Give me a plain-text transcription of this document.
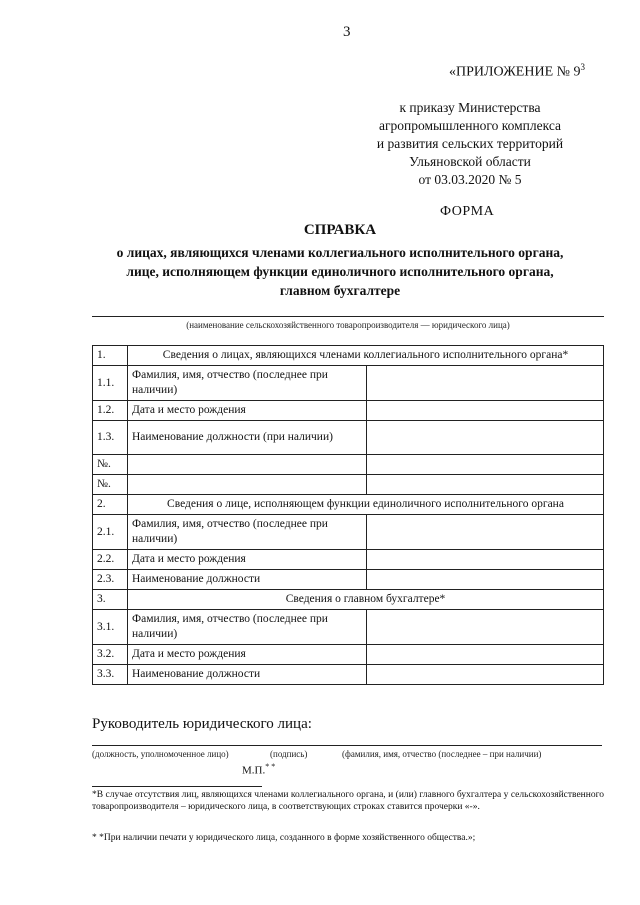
3
«ПРИЛОЖЕНИЕ № $9^3$
к приказу Министерства
агропромышленного комплекса
и развития сельских территорий
Ульяновской области
от 03.03.2020 № 5
ФОРМА
СПРАВКА
о лицах, являющихся членами коллегиального исполнительного органа,
лице, исполняющем функции единоличного исполнительного органа,
главном бухгалтере
(наименование сельскохозяйственного товаропроизводителя — юридического лица)
1.	Сведения о лицах, являющихся членами коллегиального исполнительного органа*	
1.1.	Фамилия, имя, отчество (последнее при наличии)	
1.2.	Дата и место рождения	
1.3.	Наименование должности (при наличии)	
№.		
№.		
2.	Сведения о лице, исполняющем функции единоличного исполнительного органа	
2.1.	Фамилия, имя, отчество (последнее при наличии)	
2.2.	Дата и место рождения	
2.3.	Наименование должности	
3.	Сведения о главном бухгалтере*	
3.1.	Фамилия, имя, отчество (последнее при наличии)	
3.2.	Дата и место рождения	
3.3.	Наименование должности	
Руководитель юридического лица:
(должность, уполномоченное лицо)	(подпись)	(фамилия, имя, отчество (последнее – при наличии)
М.П.* *
*В случае отсутствия лиц, являющихся членами коллегиального органа, и (или) главного бухгалтера у сельскохозяйственного товаропроизводителя – юридического лица, в соответствующих строках ставится прочерки «-».
* *При наличии печати у юридического лица, созданного в форме хозяйственного общества.»;
